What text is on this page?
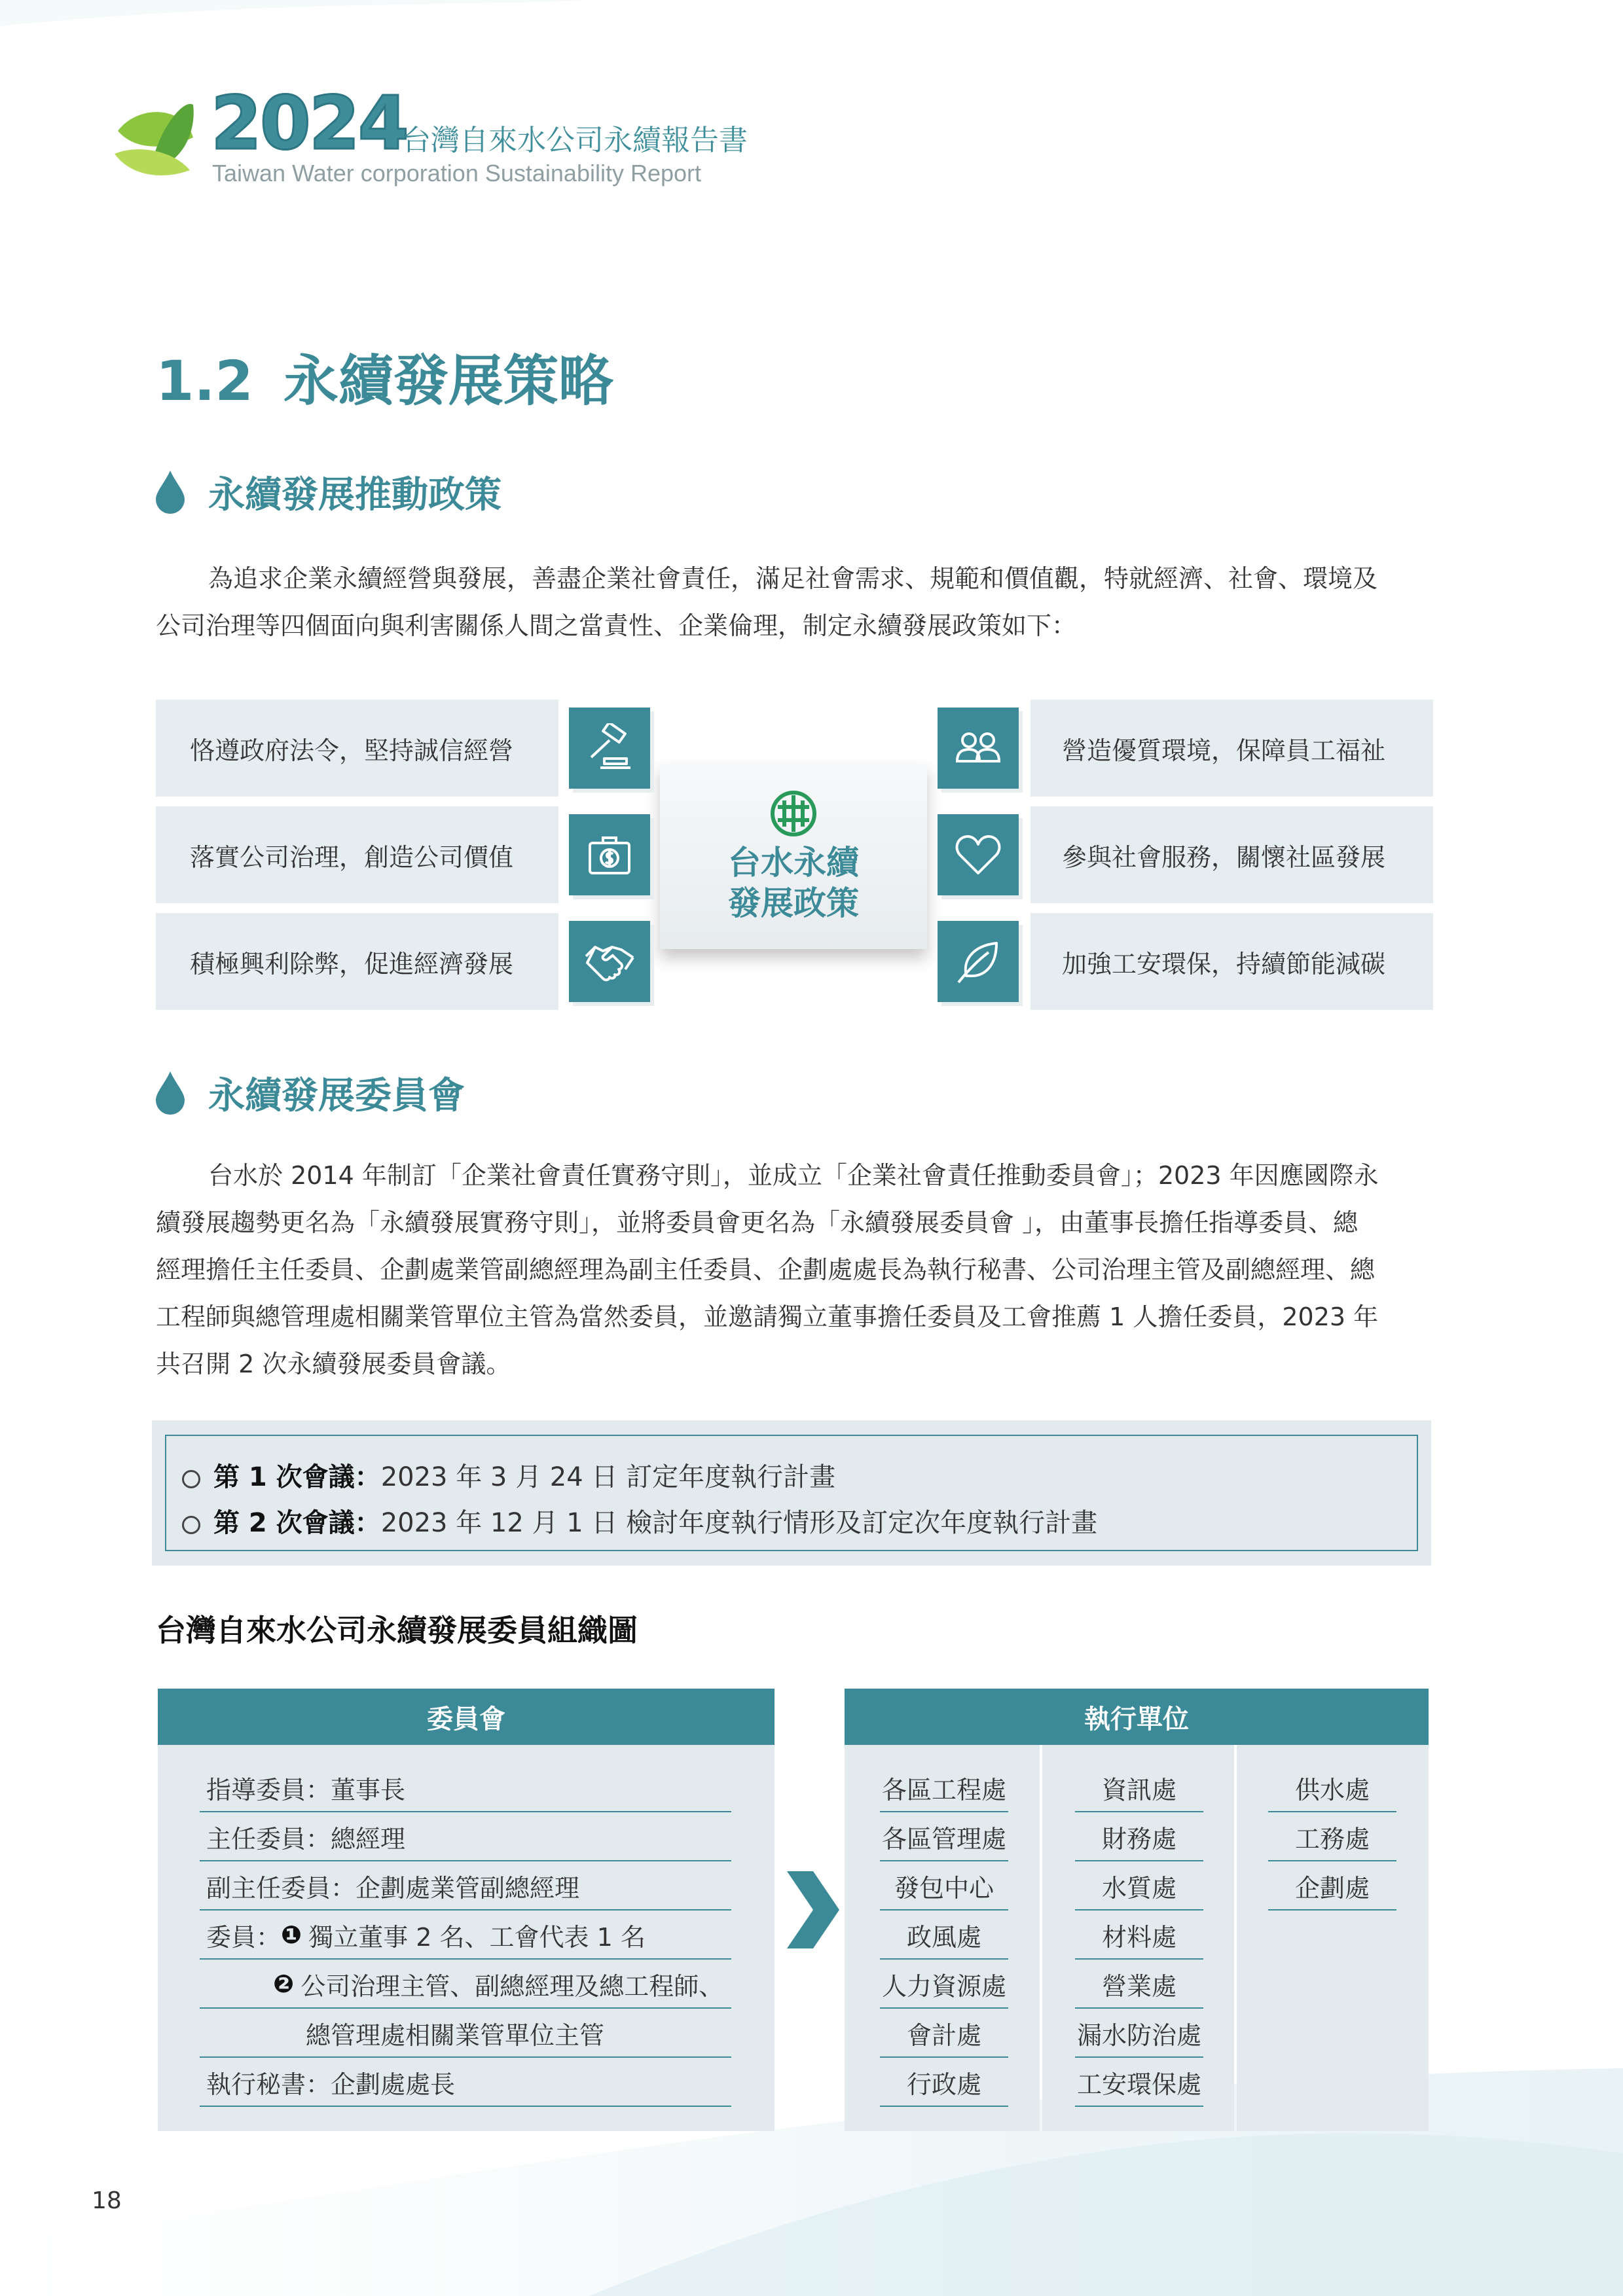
2024
台灣自來水公司永續報告書
Taiwan Water corporation Sustainability Report
1.2 永續發展策略
永續發展推動政策
為追求企業永續經營與發展，善盡企業社會責任，滿足社會需求、規範和價值觀，特就經濟、社會、環境及
公司治理等四個面向與利害關係人間之當責性、企業倫理，制定永續發展政策如下：
台水永續
發展政策
恪遵政府法令，堅持誠信經營
落實公司治理，創造公司價值
積極興利除弊，促進經濟發展
營造優質環境，保障員工福祉
參與社會服務，關懷社區發展
加強工安環保，持續節能減碳
永續發展委員會
台水於 2014 年制訂「企業社會責任實務守則」，並成立「企業社會責任推動委員會」；2023 年因應國際永
續發展趨勢更名為「永續發展實務守則」，並將委員會更名為「永續發展委員會 」，由董事長擔任指導委員、總
經理擔任主任委員、企劃處業管副總經理為副主任委員、企劃處處長為執行秘書、公司治理主管及副總經理、總
工程師與總管理處相關業管單位主管為當然委員，並邀請獨立董事擔任委員及工會推薦 1 人擔任委員，2023 年
共召開 2 次永續發展委員會議。
第 1 次會議：2023 年 3 月 24 日 訂定年度執行計畫
第 2 次會議：2023 年 12 月 1 日 檢討年度執行情形及訂定次年度執行計畫
台灣自來水公司永續發展委員組織圖
委員會
指導委員：董事長
主任委員：總經理
副主任委員：企劃處業管副總經理
委員： ❶ 獨立董事 2 名、工會代表 1 名
❷ 公司治理主管、副總經理及總工程師、
總管理處相關業管單位主管
執行秘書：企劃處處長
執行單位
各區工程處
各區管理處
發包中心
政風處
人力資源處
會計處
行政處
資訊處
財務處
水質處
材料處
營業處
漏水防治處
工安環保處
供水處
工務處
企劃處
18
